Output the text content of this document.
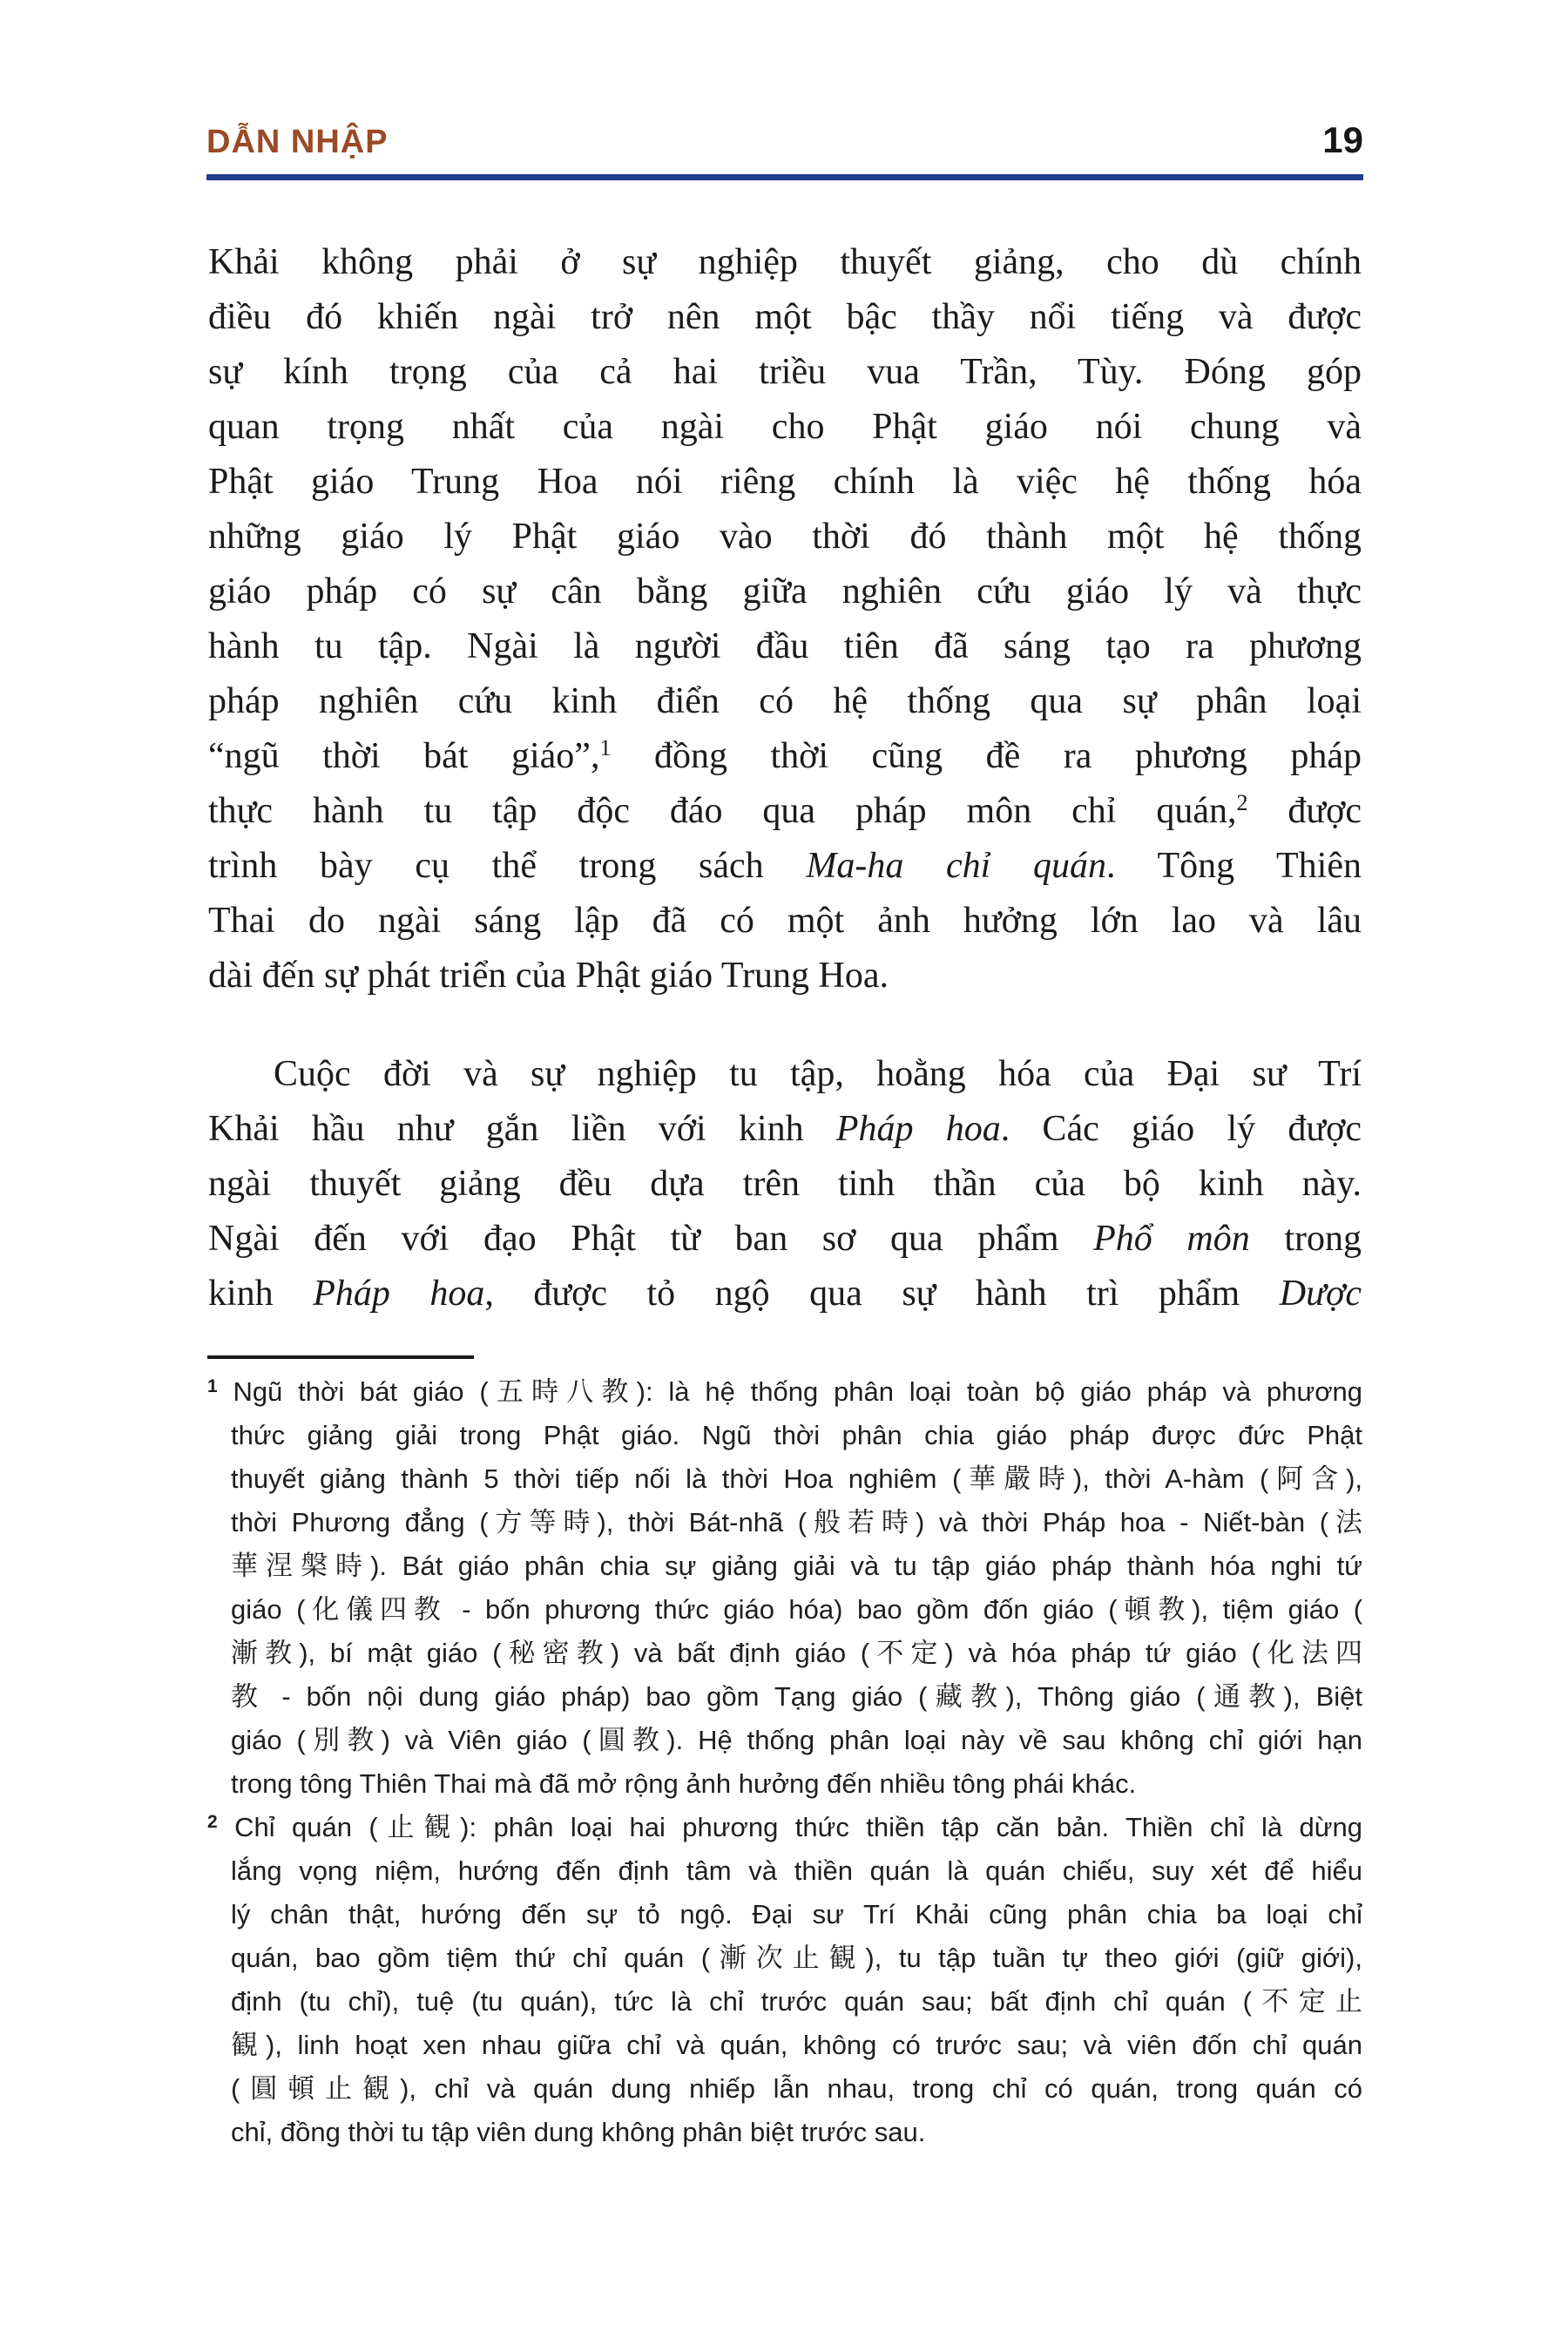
DẪN NHẬP	19
Khải không phải ở sự nghiệp thuyết giảng, cho dù chính
điều đó khiến ngài trở nên một bậc thầy nổi tiếng và được
sự kính trọng của cả hai triều vua Trần, Tùy. Đóng góp
quan trọng nhất của ngài cho Phật giáo nói chung và
Phật giáo Trung Hoa nói riêng chính là việc hệ thống hóa
những giáo lý Phật giáo vào thời đó thành một hệ thống
giáo pháp có sự cân bằng giữa nghiên cứu giáo lý và thực
hành tu tập. Ngài là người đầu tiên đã sáng tạo ra phương
pháp nghiên cứu kinh điển có hệ thống qua sự phân loại
“ngũ thời bát giáo”,$^1$ đồng thời cũng đề ra phương pháp
thực hành tu tập độc đáo qua pháp môn chỉ quán,$^2$ được
trình bày cụ thể trong sách Ma-ha chỉ quán. Tông Thiên
Thai do ngài sáng lập đã có một ảnh hưởng lớn lao và lâu
dài đến sự phát triển của Phật giáo Trung Hoa.
Cuộc đời và sự nghiệp tu tập, hoằng hóa của Đại sư Trí
Khải hầu như gắn liền với kinh Pháp hoa. Các giáo lý được
ngài thuyết giảng đều dựa trên tinh thần của bộ kinh này.
Ngài đến với đạo Phật từ ban sơ qua phẩm Phổ môn trong
kinh Pháp hoa, được tỏ ngộ qua sự hành trì phẩm Dược
$^1$ Ngũ thời bát giáo (五時八教): là hệ thống phân loại toàn bộ giáo pháp và phương
thức giảng giải trong Phật giáo. Ngũ thời phân chia giáo pháp được đức Phật
thuyết giảng thành 5 thời tiếp nối là thời Hoa nghiêm (華嚴時), thời A-hàm (阿含),
thời Phương đẳng (方等時), thời Bát-nhã (般若時) và thời Pháp hoa - Niết-bàn (法
華涅槃時). Bát giáo phân chia sự giảng giải và tu tập giáo pháp thành hóa nghi tứ
giáo (化儀四教 - bốn phương thức giáo hóa) bao gồm đốn giáo (頓教), tiệm giáo (
漸教), bí mật giáo (秘密教) và bất định giáo (不定) và hóa pháp tứ giáo (化法四
教 - bốn nội dung giáo pháp) bao gồm Tạng giáo (藏教), Thông giáo (通教), Biệt
giáo (別教) và Viên giáo (圓教). Hệ thống phân loại này về sau không chỉ giới hạn
trong tông Thiên Thai mà đã mở rộng ảnh hưởng đến nhiều tông phái khác.
$^2$ Chỉ quán (止観): phân loại hai phương thức thiền tập căn bản. Thiền chỉ là dừng
lắng vọng niệm, hướng đến định tâm và thiền quán là quán chiếu, suy xét để hiểu
lý chân thật, hướng đến sự tỏ ngộ. Đại sư Trí Khải cũng phân chia ba loại chỉ
quán, bao gồm tiệm thứ chỉ quán (漸次止観), tu tập tuần tự theo giới (giữ giới),
định (tu chỉ), tuệ (tu quán), tức là chỉ trước quán sau; bất định chỉ quán (不定止
観), linh hoạt xen nhau giữa chỉ và quán, không có trước sau; và viên đốn chỉ quán
(圓頓止観), chỉ và quán dung nhiếp lẫn nhau, trong chỉ có quán, trong quán có
chỉ, đồng thời tu tập viên dung không phân biệt trước sau.
